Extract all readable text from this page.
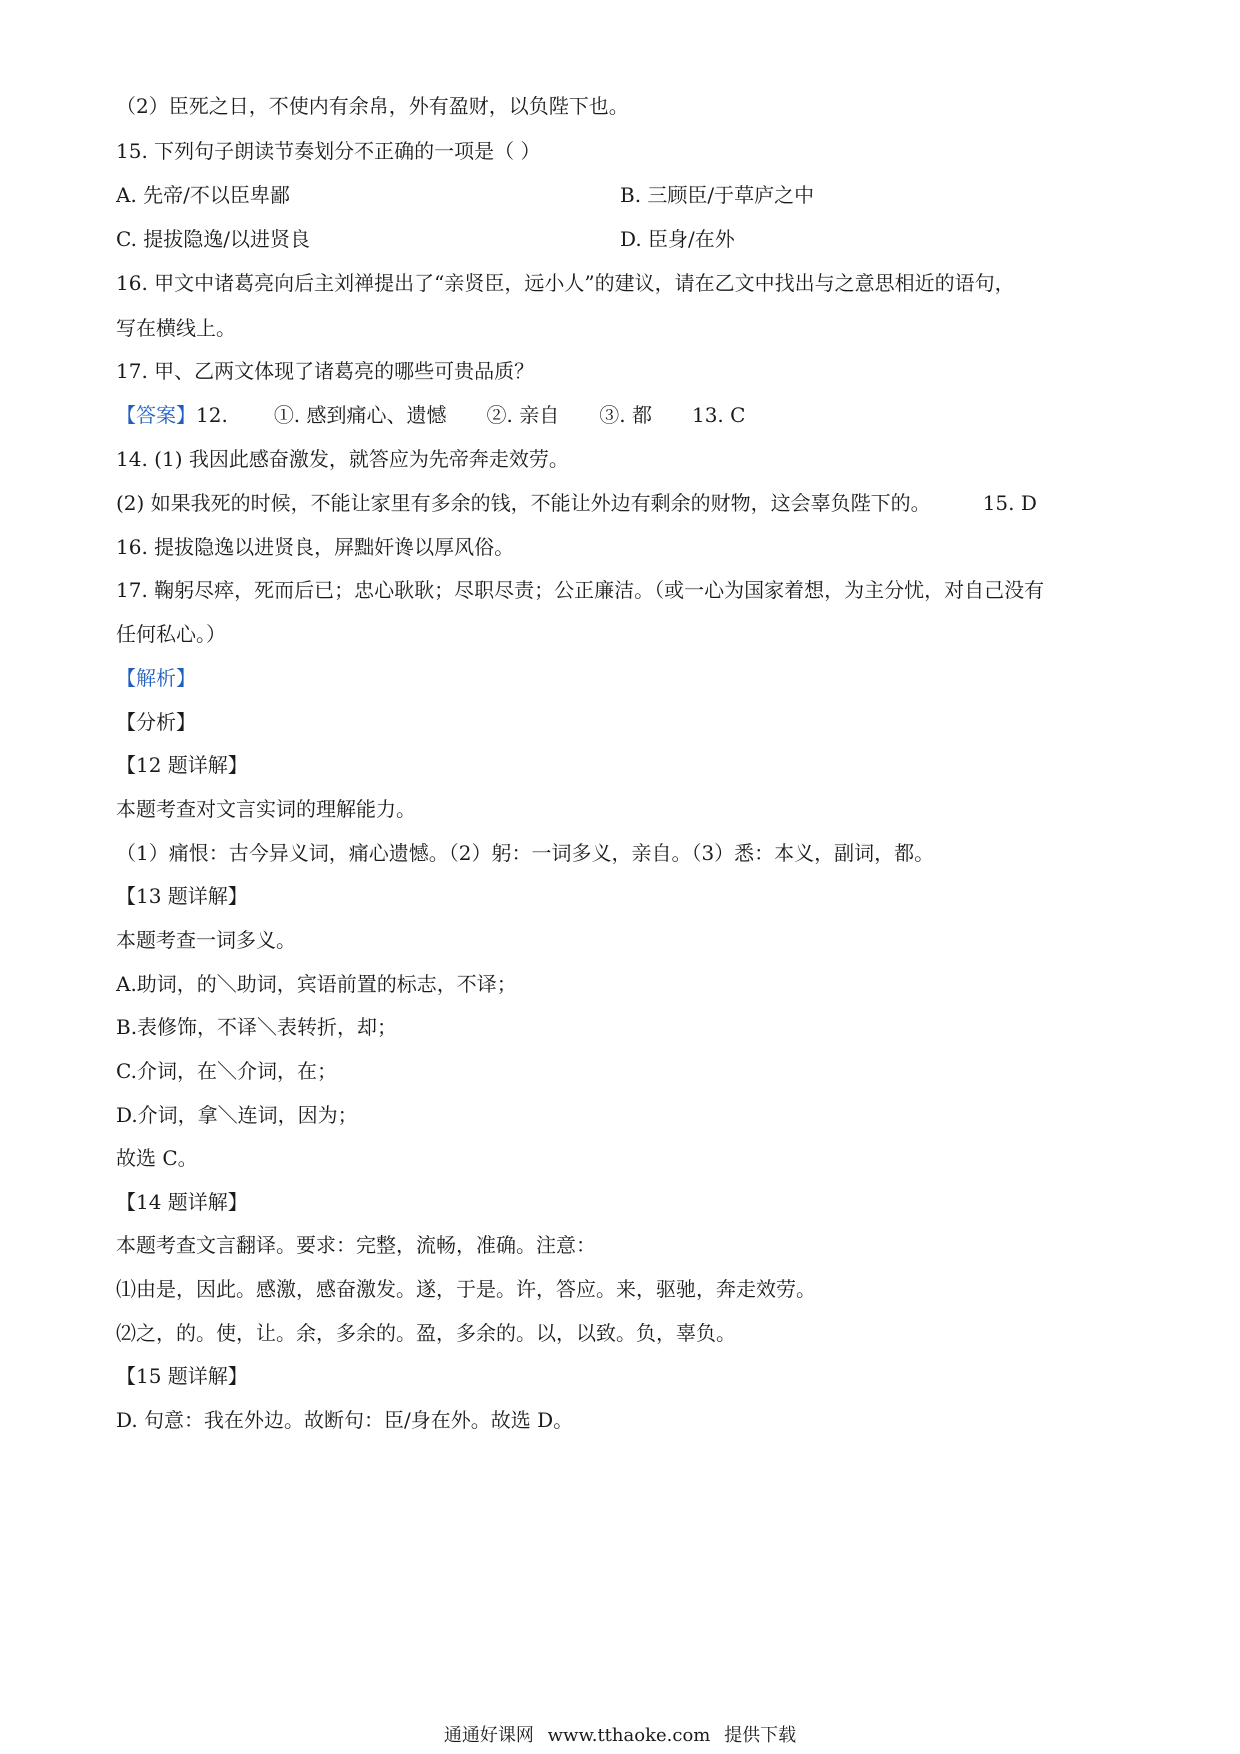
（2）臣死之日，不使内有余帛，外有盈财，以负陛下也。
15. 下列句子朗读节奏划分不正确的一项是（ ）
A. 先帝/不以臣卑鄙	B. 三顾臣/于草庐之中
C. 提拔隐逸/以进贤良	D. 臣身/在外
16. 甲文中诸葛亮向后主刘禅提出了“亲贤臣，远小人”的建议，请在乙文中找出与之意思相近的语句，
写在横线上。
17. 甲、乙两文体现了诸葛亮的哪些可贵品质？
【答案】12. ①. 感到痛心、遗憾 ②. 亲自 ③. 都 13. C
14. (1) 我因此感奋激发，就答应为先帝奔走效劳。
(2) 如果我死的时候，不能让家里有多余的钱，不能让外边有剩余的财物，这会辜负陛下的。	15. D
16. 提拔隐逸以进贤良，屏黜奸谗以厚风俗。
17. 鞠躬尽瘁，死而后已；忠心耿耿；尽职尽责；公正廉洁。（或一心为国家着想，为主分忧，对自己没有
任何私心。）
【解析】
【分析】
【12 题详解】
本题考查对文言实词的理解能力。
（1）痛恨：古今异义词，痛心遗憾。（2）躬：一词多义，亲自。（3）悉：本义，副词，都。
【13 题详解】
本题考查一词多义。
A.助词，的＼助词，宾语前置的标志，不译；
B.表修饰，不译＼表转折，却；
C.介词，在＼介词，在；
D.介词，拿＼连词，因为；
故选 C。
【14 题详解】
本题考查文言翻译。要求：完整，流畅，准确。注意：
⑴由是，因此。感激，感奋激发。遂，于是。许，答应。来，驱驰，奔走效劳。
⑵之，的。使，让。余，多余的。盈，多余的。以，以致。负，辜负。
【15 题详解】
D. 句意：我在外边。故断句：臣/身在外。故选 D。
通通好课网 www.tthaoke.com 提供下载
